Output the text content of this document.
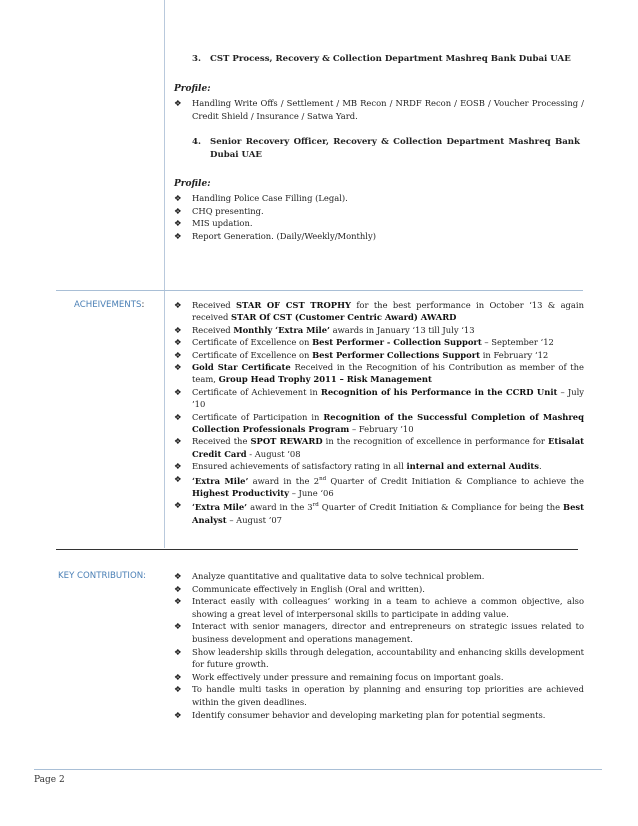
3. CST Process, Recovery & Collection Department Mashreq Bank Dubai UAE
Profile:
❖ Handling Write Offs / Settlement / MB Recon / NRDF Recon / EOSB / Voucher Processing / Credit Shield / Insurance / Satwa Yard.
4. Senior Recovery Officer, Recovery & Collection Department Mashreq Bank Dubai UAE
Profile:
❖ Handling Police Case Filling (Legal).
❖ CHQ presenting.
❖ MIS updation.
❖ Report Generation. (Daily/Weekly/Monthly)
ACHEIVEMENTS:	❖ Received STAR OF CST TROPHY for the best performance in October ‘13 & again received STAR Of CST (Customer Centric Award) AWARD
❖ Received Monthly ‘Extra Mile’ awards in January ‘13 till July ‘13
❖ Certificate of Excellence on Best Performer - Collection Support – September ‘12
❖ Certificate of Excellence on Best Performer Collections Support in February ‘12
❖ Gold Star Certificate Received in the Recognition of his Contribution as member of the team, Group Head Trophy 2011 – Risk Management
❖ Certificate of Achievement in Recognition of his Performance in the CCRD Unit – July ’10
❖ Certificate of Participation in Recognition of the Successful Completion of Mashreq Collection Professionals Program – February ’10
❖ Received the SPOT REWARD in the recognition of excellence in performance for Etisalat Credit Card - August ’08
❖ Ensured achievements of satisfactory rating in all internal and external Audits.
❖ ‘Extra Mile’ award in the 2nd Quarter of Credit Initiation & Compliance to achieve the Highest Productivity – June ‘06
❖ ‘Extra Mile’ award in the 3rd Quarter of Credit Initiation & Compliance for being the Best Analyst – August ’07
KEY CONTRIBUTION:	❖ Analyze quantitative and qualitative data to solve technical problem.
❖ Communicate effectively in English (Oral and written).
❖ Interact easily with colleagues’ working in a team to achieve a common objective, also showing a great level of interpersonal skills to participate in adding value.
❖ Interact with senior managers, director and entrepreneurs on strategic issues related to business development and operations management.
❖ Show leadership skills through delegation, accountability and enhancing skills development for future growth.
❖ Work effectively under pressure and remaining focus on important goals.
❖ To handle multi tasks in operation by planning and ensuring top priorities are achieved within the given deadlines.
❖ Identify consumer behavior and developing marketing plan for potential segments.
Page 2
